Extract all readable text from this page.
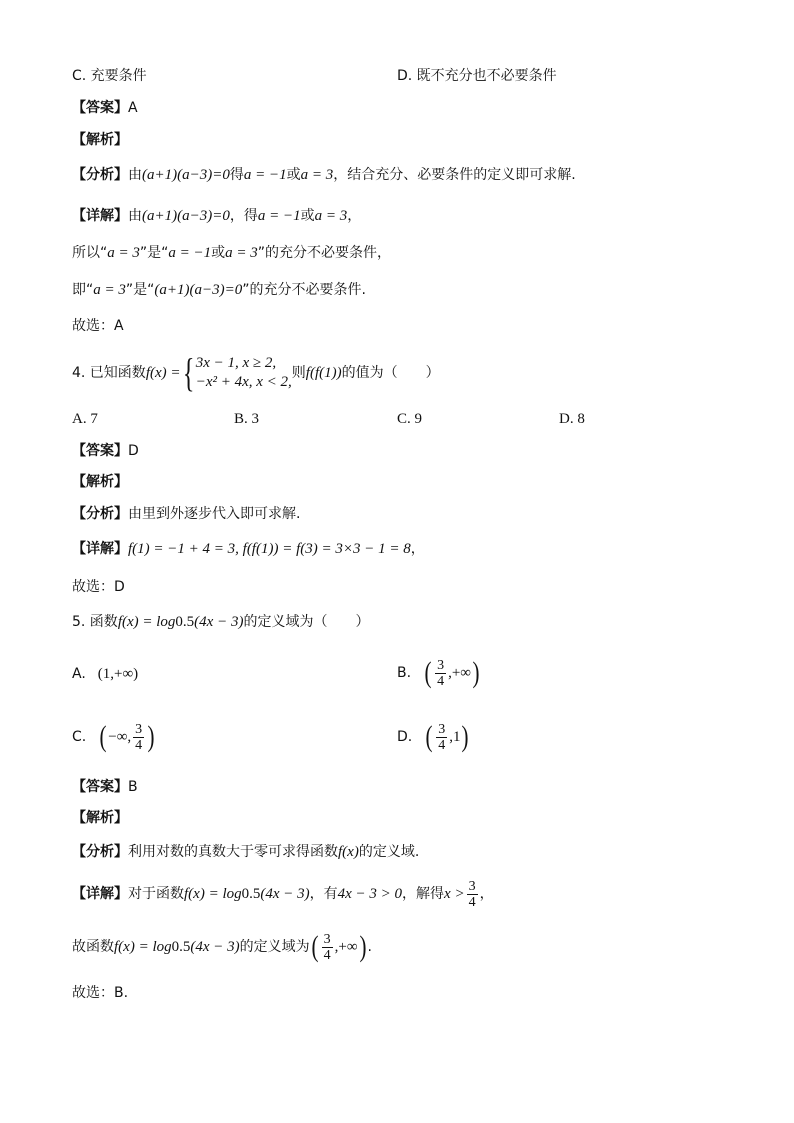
C. 充要条件	D. 既不充分也不必要条件
【答案】 A
【解析】
【分析】 由 (a+1)(a−3)=0 得 a = −1 或 a = 3 ，结合充分、必要条件的定义即可求解.
【详解】 由 (a+1)(a−3)=0 ，得 a = −1 或 a = 3 ，
所以“ a = 3 ”是“ a = −1 或 a = 3 ”的充分不必要条件，
即“ a = 3 ”是“ (a+1)(a−3)=0 ”的充分不必要条件.
故选：A
4. 已知函数 f(x) = { 3x − 1, x ≥ 2,
−x² + 4x, x < 2,
则 f(f(1)) 的值为（　　）
A. 7	B. 3	C. 9	D. 8
【答案】 D
【解析】
【分析】 由里到外逐步代入即可求解.
【详解】 f(1) = −1 + 4 = 3, f(f(1)) = f(3) = 3×3 − 1 = 8 ，
故选：D
5. 函数 f(x) = log 0.5 (4x − 3) 的定义域为（　　）
A. (1,+∞)	B. ( $\frac{3}{4}$ ,+∞ )
C. ( −∞, $\frac{3}{4}$ )	D. ( $\frac{3}{4} ,1$ )
【答案】 B
【解析】
【分析】 利用对数的真数大于零可求得函数 f(x) 的定义域.
【详解】 对于函数 f(x) = log 0.5 (4x − 3) ，有 4x − 3 > 0 ，解得 $x > \frac{3}{4}$ ，
故函数 f(x) = log 0.5 (4x − 3) 的定义域为 ( $\frac{3}{4}$ ,+∞ ) .
故选：B.
